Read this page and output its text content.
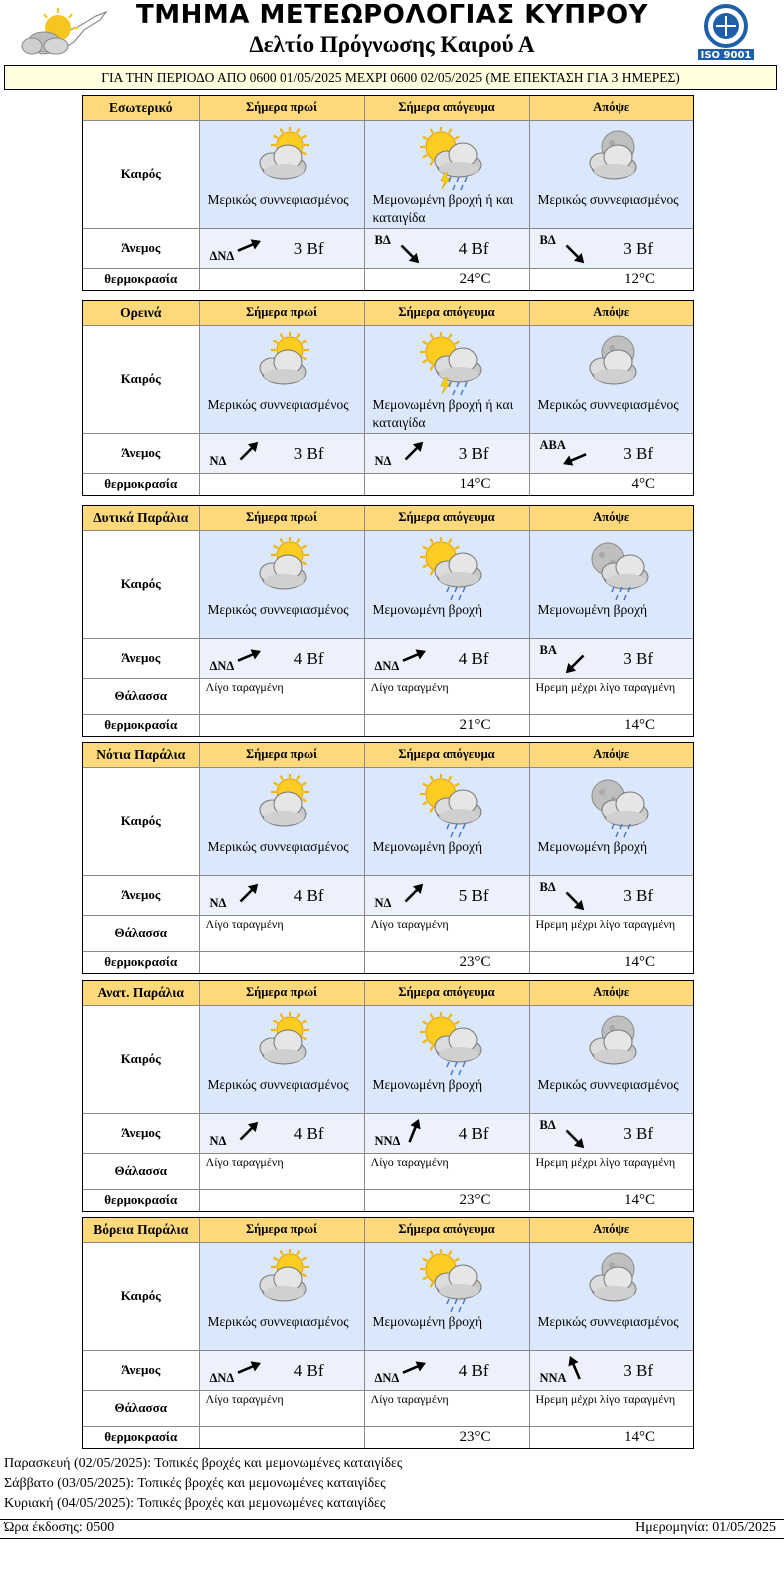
ΤΜΗΜΑ ΜΕΤΕΩΡΟΛΟΓΙΑΣ ΚΥΠΡΟΥ
Δελτίο Πρόγνωσης Καιρού Α	ISO 9001
ΓΙΑ ΤΗΝ ΠΕΡΙΟΔΟ ΑΠΟ 0600 01/05/2025 ΜΕΧΡΙ 0600 02/05/2025 (ΜΕ ΕΠΕΚΤΑΣΗ ΓΙΑ 3 ΗΜΕΡΕΣ)
Εσωτερικό	Σήμερα πρωί	Σήμερα απόγευμα	Απόψε
Καιρός	Μερικώς συννεφιασμένος	Μεμονωμένη βροχή ή και καταιγίδα	Μερικώς συννεφιασμένος

Άνεμος	ΔΝΔ 3 Bf	ΒΔ 4 Bf	ΒΔ 3 Bf

θερμοκρασία		24°C	12°C
Ορεινά	Σήμερα πρωί	Σήμερα απόγευμα	Απόψε
Καιρός	Μερικώς συννεφιασμένος	Μεμονωμένη βροχή ή και καταιγίδα	Μερικώς συννεφιασμένος

Άνεμος	ΝΔ 3 Bf	ΝΔ 3 Bf	ΑΒΑ 3 Bf

θερμοκρασία		14°C	4°C
Δυτικά Παράλια	Σήμερα πρωί	Σήμερα απόγευμα	Απόψε
Καιρός	Μερικώς συννεφιασμένος	Μεμονωμένη βροχή	Μεμονωμένη βροχή

Άνεμος	ΔΝΔ 4 Bf	ΔΝΔ 4 Bf	ΒΑ 3 Bf

Θάλασσα	Λίγο ταραγμένη	Λίγο ταραγμένη	Ηρεμη μέχρι λίγο ταραγμένη
θερμοκρασία		21°C	14°C
Νότια Παράλια	Σήμερα πρωί	Σήμερα απόγευμα	Απόψε
Καιρός	Μερικώς συννεφιασμένος	Μεμονωμένη βροχή	Μεμονωμένη βροχή

Άνεμος	ΝΔ 4 Bf	ΝΔ 5 Bf	ΒΔ 3 Bf

Θάλασσα	Λίγο ταραγμένη	Λίγο ταραγμένη	Ηρεμη μέχρι λίγο ταραγμένη
θερμοκρασία		23°C	14°C
Ανατ. Παράλια	Σήμερα πρωί	Σήμερα απόγευμα	Απόψε
Καιρός	Μερικώς συννεφιασμένος	Μεμονωμένη βροχή	Μερικώς συννεφιασμένος

Άνεμος	ΝΔ 4 Bf	ΝΝΔ 4 Bf	ΒΔ 3 Bf

Θάλασσα	Λίγο ταραγμένη	Λίγο ταραγμένη	Ηρεμη μέχρι λίγο ταραγμένη
θερμοκρασία		23°C	14°C
Βόρεια Παράλια	Σήμερα πρωί	Σήμερα απόγευμα	Απόψε
Καιρός	Μερικώς συννεφιασμένος	Μεμονωμένη βροχή	Μερικώς συννεφιασμένος

Άνεμος	ΔΝΔ 4 Bf	ΔΝΔ 4 Bf	ΝΝΑ 3 Bf

Θάλασσα	Λίγο ταραγμένη	Λίγο ταραγμένη	Ηρεμη μέχρι λίγο ταραγμένη
θερμοκρασία		23°C	14°C
Παρασκευή (02/05/2025): Τοπικές βροχές και μεμονωμένες καταιγίδες
Σάββατο (03/05/2025): Τοπικές βροχές και μεμονωμένες καταιγίδες
Κυριακή (04/05/2025): Τοπικές βροχές και μεμονωμένες καταιγίδες
Ώρα έκδοσης: 0500	Ημερομηνία: 01/05/2025
